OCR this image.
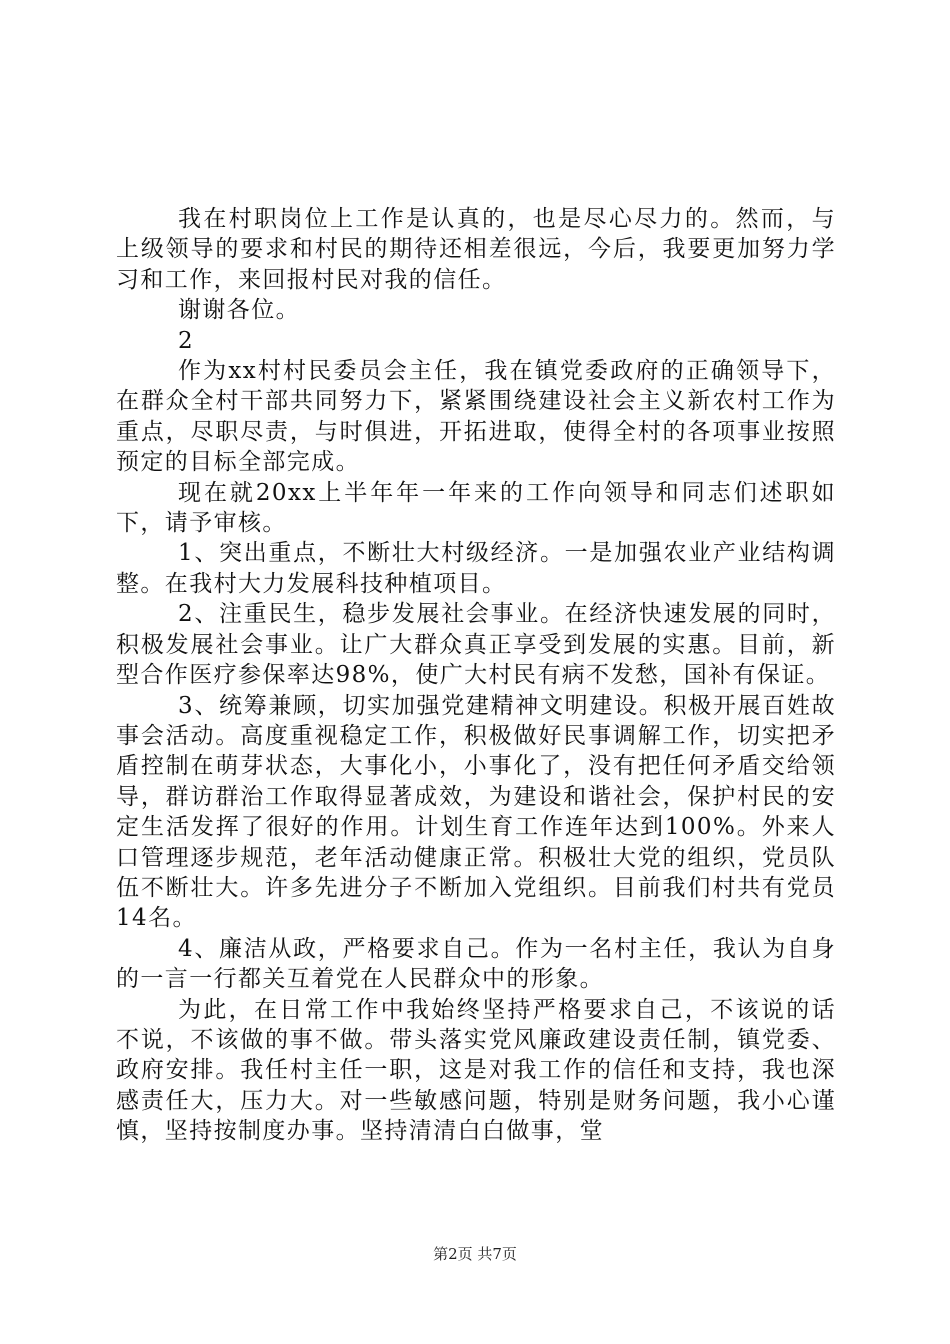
我在村职岗位上工作是认真的，也是尽心尽力的。然而，与上级领导的要求和村民的期待还相差很远，今后，我要更加努力学习和工作，来回报村民对我的信任。

谢谢各位。

2

作为xx村村民委员会主任，我在镇党委政府的正确领导下，在群众全村干部共同努力下，紧紧围绕建设社会主义新农村工作为重点，尽职尽责，与时俱进，开拓进取，使得全村的各项事业按照预定的目标全部完成。

现在就20xx上半年年一年来的工作向领导和同志们述职如下，请予审核。

1、突出重点，不断壮大村级经济。一是加强农业产业结构调整。在我村大力发展科技种植项目。

2、注重民生，稳步发展社会事业。在经济快速发展的同时，积极发展社会事业。让广大群众真正享受到发展的实惠。目前，新型合作医疗参保率达98%，使广大村民有病不发愁，国补有保证。

3、统筹兼顾，切实加强党建精神文明建设。积极开展百姓故事会活动。高度重视稳定工作，积极做好民事调解工作，切实把矛盾控制在萌芽状态，大事化小，小事化了，没有把任何矛盾交给领导，群访群治工作取得显著成效，为建设和谐社会，保护村民的安定生活发挥了很好的作用。计划生育工作连年达到100%。外来人口管理逐步规范，老年活动健康正常。积极壮大党的组织，党员队伍不断壮大。许多先进分子不断加入党组织。目前我们村共有党员14名。

4、廉洁从政，严格要求自己。作为一名村主任，我认为自身的一言一行都关互着党在人民群众中的形象。

为此，在日常工作中我始终坚持严格要求自己，不该说的话不说，不该做的事不做。带头落实党风廉政建设责任制，镇党委、政府安排。我任村主任一职，这是对我工作的信任和支持，我也深感责任大，压力大。对一些敏感问题，特别是财务问题，我小心谨慎，坚持按制度办事。坚持清清白白做事，堂

第2页 共7页
